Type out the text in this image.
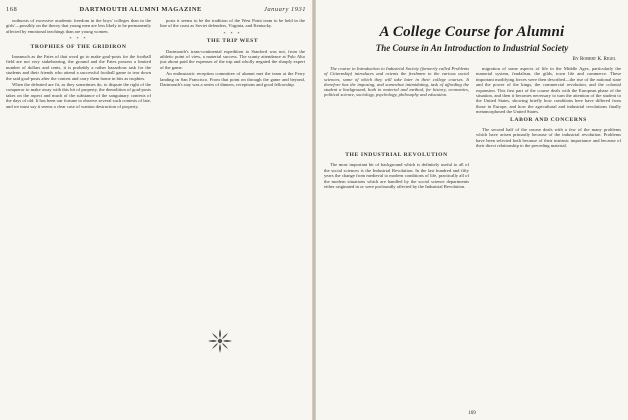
168	DARTMOUTH ALUMNI MAGAZINE	January 1931

outbursts of excessive academic freedom in the boys' colleges than in the girls'—possibly on the theory that young men are less likely to be permanently affected by emotional teachings than are young women.

* * *
TROPHIES OF THE GRIDIRON

Inasmuch as the Fates of that word go to make goal-posts for the football field are not very stakebearing, the ground and the Fates possess a limited number of dollars and cents, it is probably a rather hazardous task for the students and their friends who attend a successful football game to tear down the said goal-posts after the contest and carry them home in bits as trophies.

When the defeated are fit, as they sometimes do, to dispute the right of the conqueror to make away with this bit of property, the demolition of goal-posts takes on the aspect and much of the substance of the sanguinary contests of the days of old. It has been our fortune to observe several such contests of late, and we must say it seems a clear case of wanton destruction of property.

posts it seems to be the tradition of the West Point team to be held in the line of the coast as Soviet defenders, Virginia, and Kentucky.

* * *
THE TRIP WEST

Dartmouth's trans-continental expedition to Stanford was not, from the athletic point of view, a material success. The scanty attendance at Palo Alto just about paid the expenses of the trip and wholly negated the sharply expert of the game.

An enthusiastic reception committee of alumni met the team at the Ferry landing in San Francisco. From that point on through the game and beyond, Dartmouth's stay was a series of dinners, receptions and good fellowship.

A College Course for Alumni
The Course in An Introduction to Industrial Society
By Robert K. Rigel

The course in Introduction to Industrial Society (formerly called Problems of Citizenship) introduces and orients the freshmen to the various social sciences, some of which they will take later in their college courses. It therefore has the imposing, and somewhat intimidating, task of affording the student a background, both in material and method, for history, economics, political science, sociology, psychology, philosophy and education.

THE INDUSTRIAL REVOLUTION

The most important bit of background which is definitely useful to all of the social sciences is the Industrial Revolution. In the last hundred and fifty years the change from medieval to modern conditions of life, practically all of the modern situations which are handled by the social science departments either originated in or were profoundly affected by the Industrial Revolution.

migration of some aspects of life in the Middle Ages, particularly the manorial system, feudalism, the gilds, town life and commerce. These important modifying forces were then described—the rise of the national state and the power of the kings, the commercial revolution, and the colonial expansion. This first part of the course deals with the European phase of the situation, and then it becomes necessary to turn the attention of the student to the United States, showing briefly how conditions here have differed from those in Europe, and how the agricultural and industrial revolutions finally metamorphosed the United States.

LABOR AND CONCERNS

The second half of the course deals with a few of the many problems which have arisen primarily because of the industrial revolution. Problems have been selected both because of their intrinsic importance and because of their direct relationship to the preceding material.

169
